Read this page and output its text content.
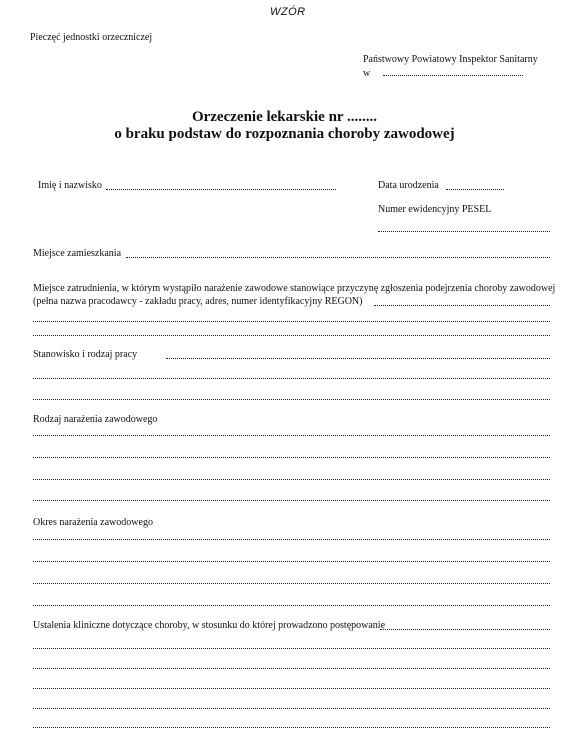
WZÓR
Pieczęć jednostki orzeczniczej
Państwowy Powiatowy Inspektor Sanitarny
w
Orzeczenie lekarskie nr ........
o braku podstaw do rozpoznania choroby zawodowej
Imię i nazwisko	Data urodzenia
Numer ewidencyjny PESEL
Miejsce zamieszkania
Miejsce zatrudnienia, w którym wystąpiło narażenie zawodowe stanowiące przyczynę zgłoszenia podejrzenia choroby zawodowej
(pełna nazwa pracodawcy - zakładu pracy, adres, numer identyfikacyjny REGON)
Stanowisko i rodzaj pracy
Rodzaj narażenia zawodowego
Okres narażenia zawodowego
Ustalenia kliniczne dotyczące choroby, w stosunku do której prowadzono postępowanie
